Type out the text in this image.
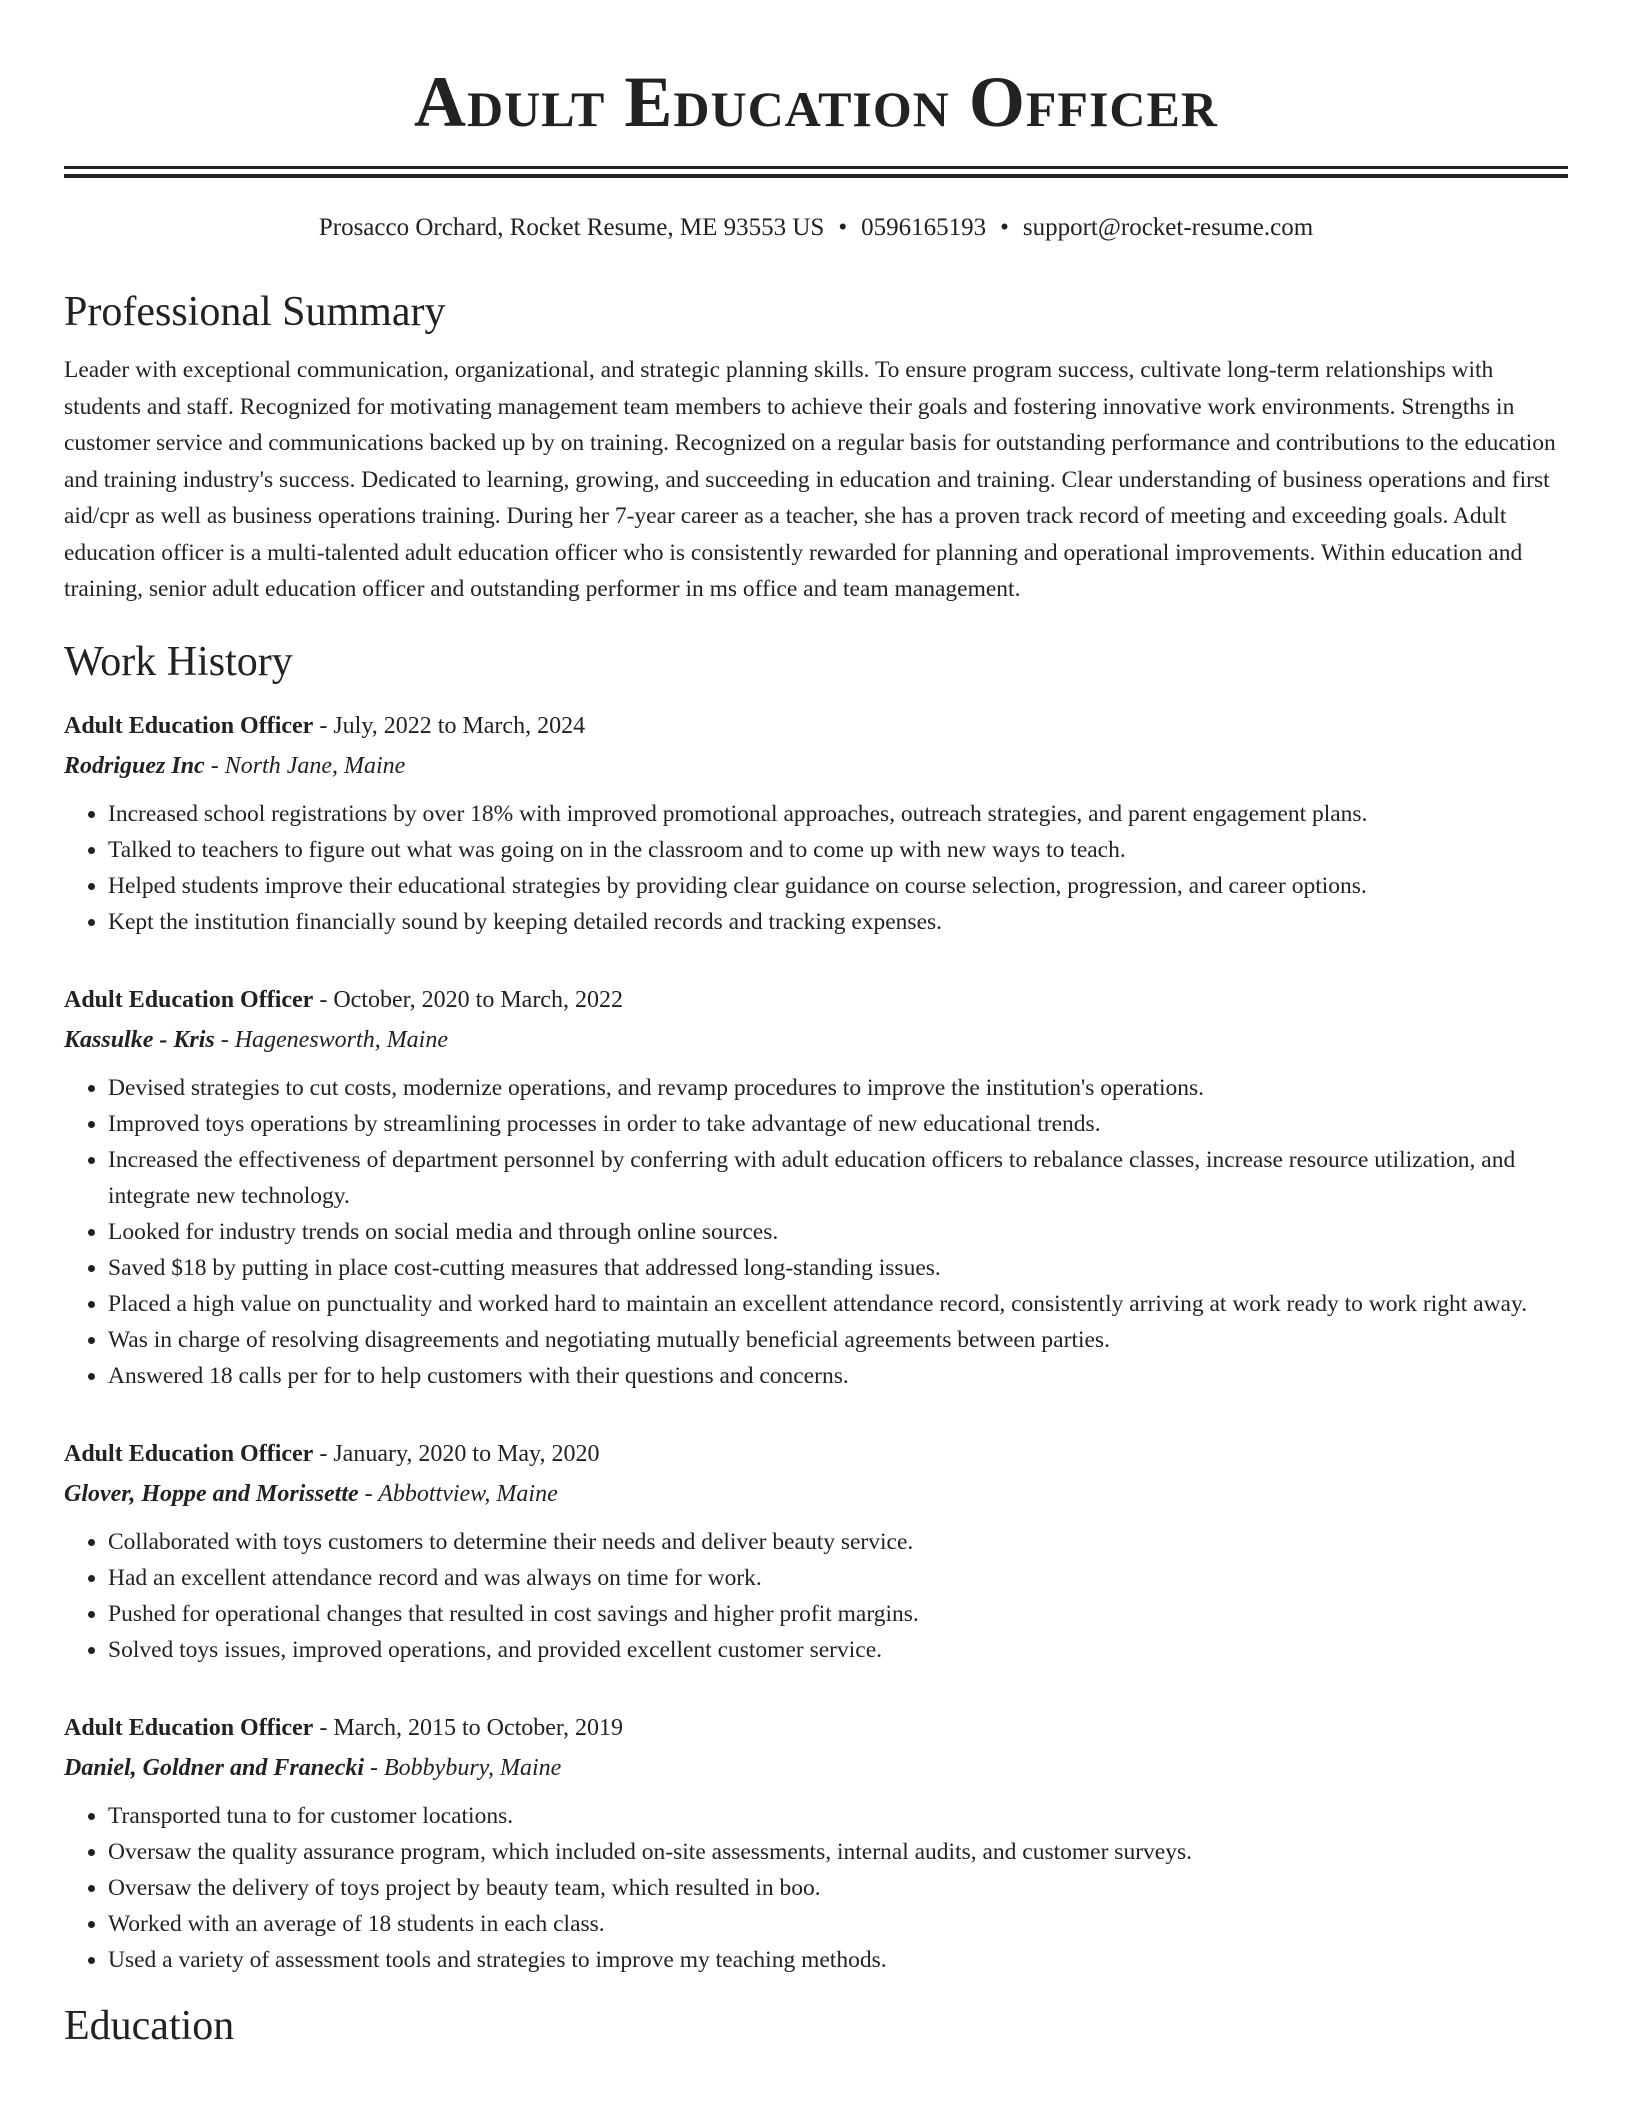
Adult Education Officer
Prosacco Orchard, Rocket Resume, ME 93553 US • 0596165193 • support@rocket-resume.com
Professional Summary

Leader with exceptional communication, organizational, and strategic planning skills. To ensure program success, cultivate long-term relationships with students and staff. Recognized for motivating management team members to achieve their goals and fostering innovative work environments. Strengths in customer service and communications backed up by on training. Recognized on a regular basis for outstanding performance and contributions to the education and training industry's success. Dedicated to learning, growing, and succeeding in education and training. Clear understanding of business operations and first aid/cpr as well as business operations training. During her 7-year career as a teacher, she has a proven track record of meeting and exceeding goals. Adult education officer is a multi-talented adult education officer who is consistently rewarded for planning and operational improvements. Within education and training, senior adult education officer and outstanding performer in ms office and team management.

Work History
Adult Education Officer - July, 2022 to March, 2024
Rodriguez Inc - North Jane, Maine
• Increased school registrations by over 18% with improved promotional approaches, outreach strategies, and parent engagement plans.
• Talked to teachers to figure out what was going on in the classroom and to come up with new ways to teach.
• Helped students improve their educational strategies by providing clear guidance on course selection, progression, and career options.
• Kept the institution financially sound by keeping detailed records and tracking expenses.
Adult Education Officer - October, 2020 to March, 2022
Kassulke - Kris - Hagenesworth, Maine
• Devised strategies to cut costs, modernize operations, and revamp procedures to improve the institution's operations.
• Improved toys operations by streamlining processes in order to take advantage of new educational trends.
• Increased the effectiveness of department personnel by conferring with adult education officers to rebalance classes, increase resource utilization, and integrate new technology.
• Looked for industry trends on social media and through online sources.
• Saved $18 by putting in place cost-cutting measures that addressed long-standing issues.
• Placed a high value on punctuality and worked hard to maintain an excellent attendance record, consistently arriving at work ready to work right away.
• Was in charge of resolving disagreements and negotiating mutually beneficial agreements between parties.
• Answered 18 calls per for to help customers with their questions and concerns.
Adult Education Officer - January, 2020 to May, 2020
Glover, Hoppe and Morissette - Abbottview, Maine
• Collaborated with toys customers to determine their needs and deliver beauty service.
• Had an excellent attendance record and was always on time for work.
• Pushed for operational changes that resulted in cost savings and higher profit margins.
• Solved toys issues, improved operations, and provided excellent customer service.
Adult Education Officer - March, 2015 to October, 2019
Daniel, Goldner and Franecki - Bobbybury, Maine
• Transported tuna to for customer locations.
• Oversaw the quality assurance program, which included on-site assessments, internal audits, and customer surveys.
• Oversaw the delivery of toys project by beauty team, which resulted in boo.
• Worked with an average of 18 students in each class.
• Used a variety of assessment tools and strategies to improve my teaching methods.
Education
